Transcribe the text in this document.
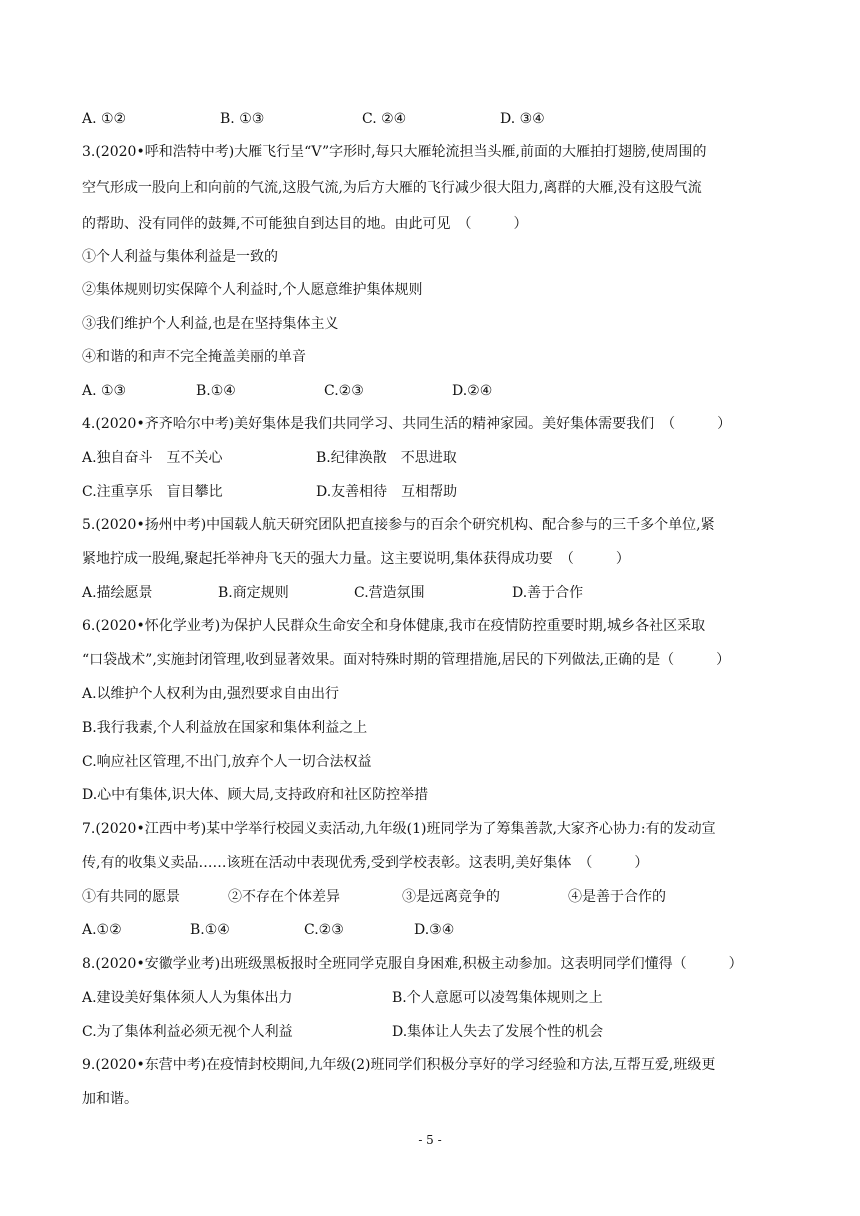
A. ①②	B. ①③	C. ②④	D. ③④
3.(2020•呼和浩特中考)大雁飞行呈“V”字形时,每只大雁轮流担当头雁,前面的大雁拍打翅膀,使周围的
空气形成一股向上和向前的气流,这股气流,为后方大雁的飞行减少很大阻力,离群的大雁,没有这股气流
的帮助、没有同伴的鼓舞,不可能独自到达目的地。由此可见　（　　　）
①个人利益与集体利益是一致的
②集体规则切实保障个人利益时,个人愿意维护集体规则
③我们维护个人利益,也是在坚持集体主义
④和谐的和声不完全掩盖美丽的单音
A. ①③	B.①④	C.②③	D.②④
4.(2020•齐齐哈尔中考)美好集体是我们共同学习、共同生活的精神家园。美好集体需要我们　（　　　）
A.独自奋斗　互不关心	B.纪律涣散　不思进取
C.注重享乐　盲目攀比	D.友善相待　互相帮助
5.(2020•扬州中考)中国载人航天研究团队把直接参与的百余个研究机构、配合参与的三千多个单位,紧
紧地拧成一股绳,聚起托举神舟飞天的强大力量。这主要说明,集体获得成功要　（　　　）
A.描绘愿景	B.商定规则	C.营造氛围	D.善于合作
6.(2020•怀化学业考)为保护人民群众生命安全和身体健康,我市在疫情防控重要时期,城乡各社区采取
“口袋战术”,实施封闭管理,收到显著效果。面对特殊时期的管理措施,居民的下列做法,正确的是（　　　）
A.以维护个人权利为由,强烈要求自由出行
B.我行我素,个人利益放在国家和集体利益之上
C.响应社区管理,不出门,放弃个人一切合法权益
D.心中有集体,识大体、顾大局,支持政府和社区防控举措
7.(2020•江西中考)某中学举行校园义卖活动,九年级(1)班同学为了筹集善款,大家齐心协力:有的发动宣
传,有的收集义卖品……该班在活动中表现优秀,受到学校表彰。这表明,美好集体　（　　　）
①有共同的愿景	②不存在个体差异	③是远离竞争的	④是善于合作的
A.①②	B.①④	C.②③	D.③④
8.(2020•安徽学业考)出班级黑板报时全班同学克服自身困难,积极主动参加。这表明同学们懂得（　　　）
A.建设美好集体须人人为集体出力	B.个人意愿可以凌驾集体规则之上
C.为了集体利益必须无视个人利益	D.集体让人失去了发展个性的机会
9.(2020•东营中考)在疫情封校期间,九年级(2)班同学们积极分享好的学习经验和方法,互帮互爱,班级更
加和谐。
- 5 -
